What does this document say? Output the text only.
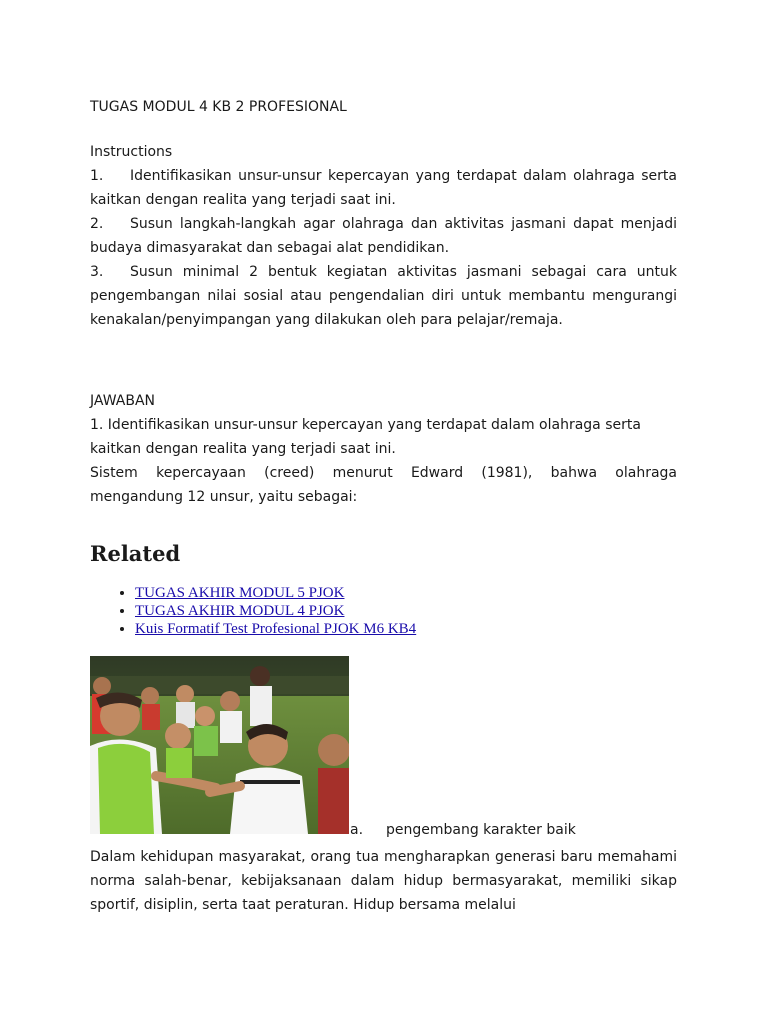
TUGAS MODUL 4 KB 2 PROFESIONAL
Instructions
1. Identifikasikan unsur-unsur kepercayan yang terdapat dalam olahraga serta kaitkan dengan realita yang terjadi saat ini.
2. Susun langkah-langkah agar olahraga dan aktivitas jasmani dapat menjadi budaya dimasyarakat dan sebagai alat pendidikan.
3. Susun minimal 2 bentuk kegiatan aktivitas jasmani sebagai cara untuk pengembangan nilai sosial atau pengendalian diri untuk membantu mengurangi kenakalan/penyimpangan yang dilakukan oleh para pelajar/remaja.
JAWABAN
1. Identifikasikan unsur-unsur kepercayan yang terdapat dalam olahraga serta kaitkan dengan realita yang terjadi saat ini.
Sistem kepercayaan (creed) menurut Edward (1981), bahwa olahraga mengandung 12 unsur, yaitu sebagai:
Related
• TUGAS AKHIR MODUL 5 PJOK
• TUGAS AKHIR MODUL 4 PJOK
• Kuis Formatif Test Profesional PJOK M6 KB4
a. pengembang karakter baik
Dalam kehidupan masyarakat, orang tua mengharapkan generasi baru memahami norma salah-benar, kebijaksanaan dalam hidup bermasyarakat, memiliki sikap sportif, disiplin, serta taat peraturan. Hidup bersama melalui
